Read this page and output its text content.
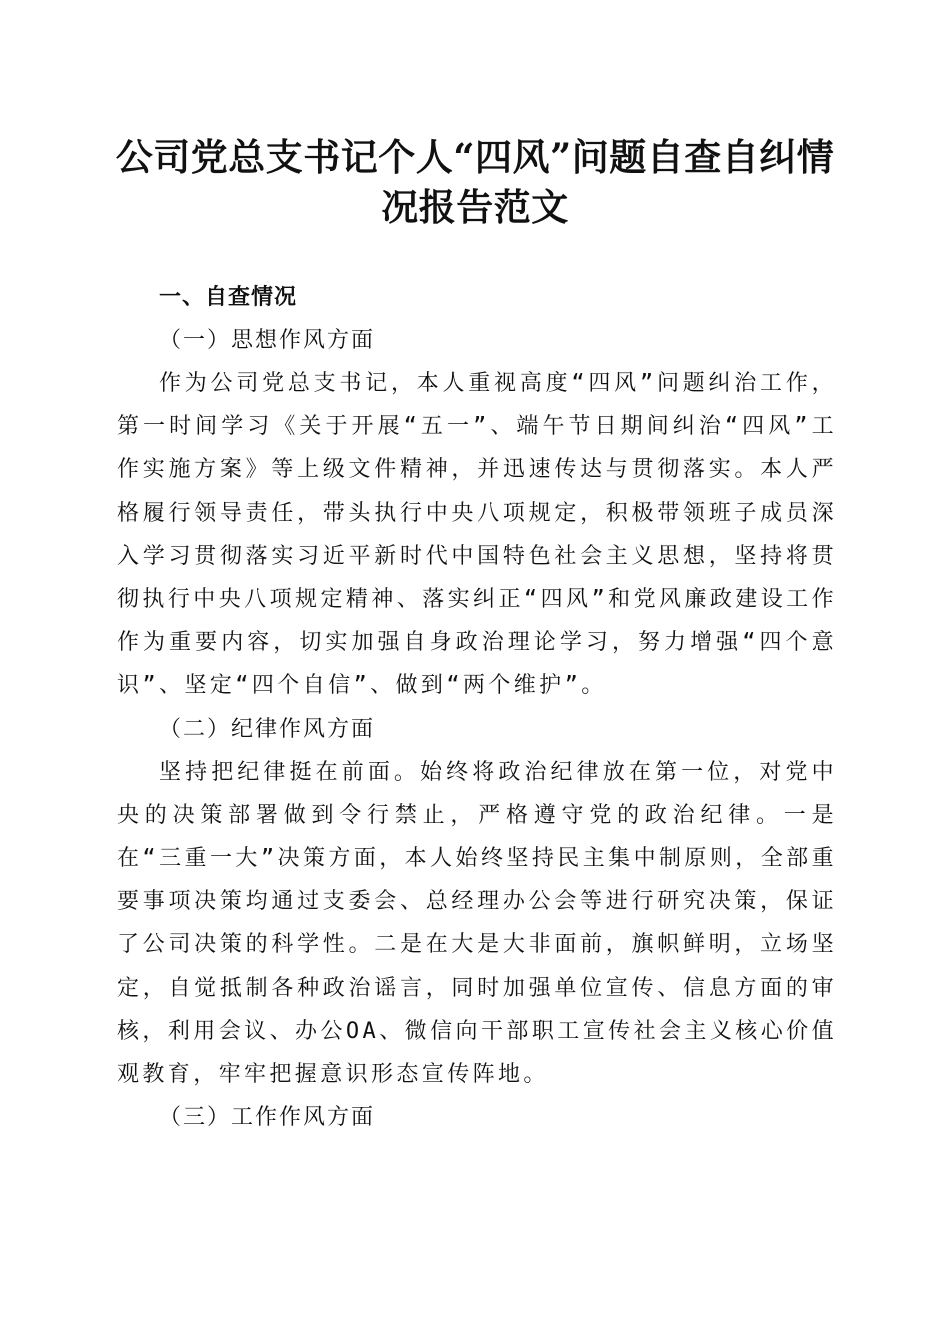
公司党总支书记个人“四风”问题自查自纠情
况报告范文

一、自查情况

（一）思想作风方面

作为公司党总支书记，本人重视高度“四风”问题纠治工作，第一时间学习《关于开展“五一”、端午节日期间纠治“四风”工作实施方案》等上级文件精神，并迅速传达与贯彻落实。本人严格履行领导责任，带头执行中央八项规定，积极带领班子成员深入学习贯彻落实习近平新时代中国特色社会主义思想，坚持将贯彻执行中央八项规定精神、落实纠正“四风”和党风廉政建设工作作为重要内容，切实加强自身政治理论学习，努力增强“四个意识”、坚定“四个自信”、做到“两个维护”。

（二）纪律作风方面

坚持把纪律挺在前面。始终将政治纪律放在第一位，对党中央的决策部署做到令行禁止，严格遵守党的政治纪律。一是在“三重一大”决策方面，本人始终坚持民主集中制原则，全部重要事项决策均通过支委会、总经理办公会等进行研究决策，保证了公司决策的科学性。二是在大是大非面前，旗帜鲜明，立场坚定，自觉抵制各种政治谣言，同时加强单位宣传、信息方面的审核，利用会议、办公OA、微信向干部职工宣传社会主义核心价值观教育，牢牢把握意识形态宣传阵地。

（三）工作作风方面
